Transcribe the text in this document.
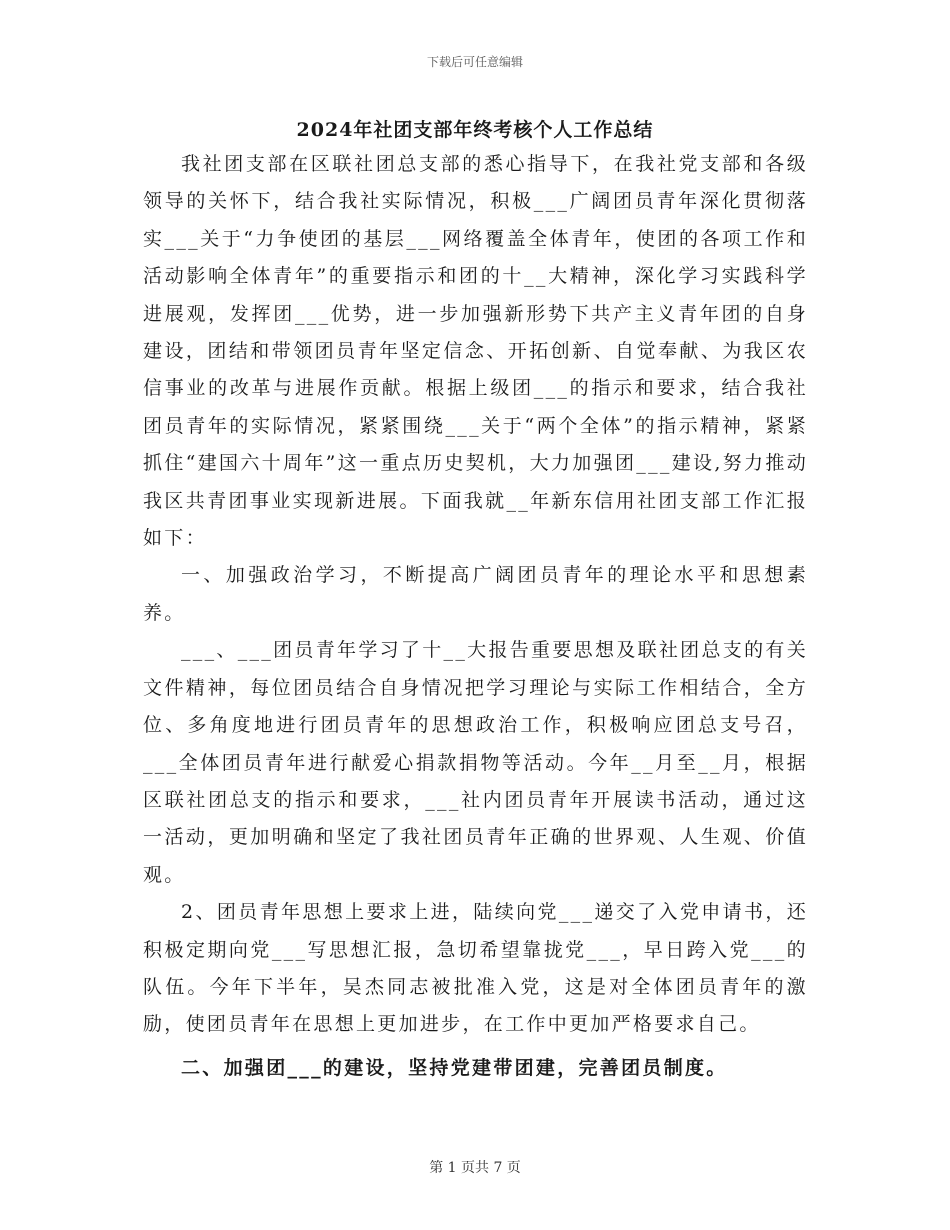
下载后可任意编辑
2024年社团支部年终考核个人工作总结

我社团支部在区联社团总支部的悉心指导下，在我社党支部和各级领导的关怀下，结合我社实际情况，积极___广阔团员青年深化贯彻落实___关于“力争使团的基层___网络覆盖全体青年，使团的各项工作和活动影响全体青年”的重要指示和团的十__大精神，深化学习实践科学进展观，发挥团___优势，进一步加强新形势下共产主义青年团的自身建设，团结和带领团员青年坚定信念、开拓创新、自觉奉献、为我区农信事业的改革与进展作贡献。根据上级团___的指示和要求，结合我社团员青年的实际情况，紧紧围绕___关于“两个全体”的指示精神，紧紧抓住“建国六十周年”这一重点历史契机，大力加强团___建设,努力推动我区共青团事业实现新进展。下面我就__年新东信用社团支部工作汇报如下：

一、加强政治学习，不断提高广阔团员青年的理论水平和思想素养。

___、___团员青年学习了十__大报告重要思想及联社团总支的有关文件精神，每位团员结合自身情况把学习理论与实际工作相结合，全方位、多角度地进行团员青年的思想政治工作，积极响应团总支号召，___全体团员青年进行献爱心捐款捐物等活动。今年__月至__月，根据区联社团总支的指示和要求，___社内团员青年开展读书活动，通过这一活动，更加明确和坚定了我社团员青年正确的世界观、人生观、价值观。

2、团员青年思想上要求上进，陆续向党___递交了入党申请书，还积极定期向党___写思想汇报，急切希望靠拢党___，早日跨入党___的队伍。今年下半年，吴杰同志被批准入党，这是对全体团员青年的激励，使团员青年在思想上更加进步，在工作中更加严格要求自己。

二、加强团___的建设，坚持党建带团建，完善团员制度。

第 1 页共 7 页
